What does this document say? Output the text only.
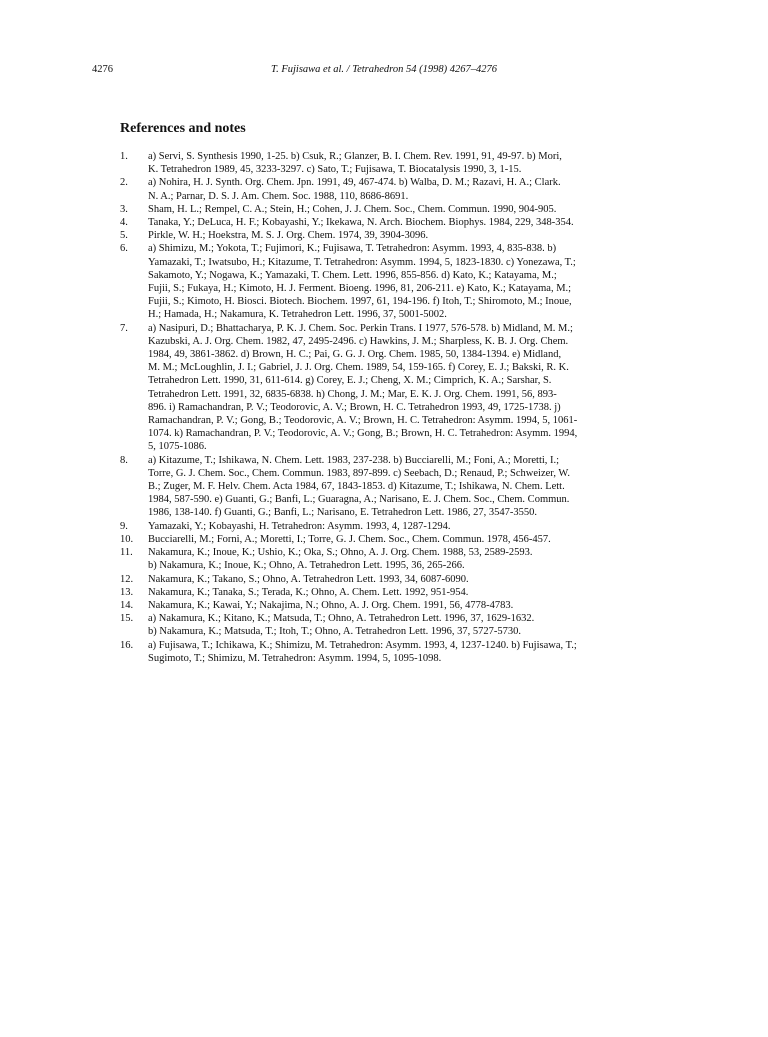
4276	T. Fujisawa et al. / Tetrahedron 54 (1998) 4267–4276
References and notes
1.	a) Servi, S. Synthesis 1990, 1-25. b) Csuk, R.; Glanzer, B. I. Chem. Rev. 1991, 91, 49-97. b) Mori,
K. Tetrahedron 1989, 45, 3233-3297. c) Sato, T.; Fujisawa, T. Biocatalysis 1990, 3, 1-15.
2.	a) Nohira, H. J. Synth. Org. Chem. Jpn. 1991, 49, 467-474. b) Walba, D. M.; Razavi, H. A.; Clark.
N. A.; Parnar, D. S. J. Am. Chem. Soc. 1988, 110, 8686-8691.
3.	Sham, H. L.; Rempel, C. A.; Stein, H.; Cohen, J. J. Chem. Soc., Chem. Commun. 1990, 904-905.
4.	Tanaka, Y.; DeLuca, H. F.; Kobayashi, Y.; Ikekawa, N. Arch. Biochem. Biophys. 1984, 229, 348-354.
5.	Pirkle, W. H.; Hoekstra, M. S. J. Org. Chem. 1974, 39, 3904-3096.
6.	a) Shimizu, M.; Yokota, T.; Fujimori, K.; Fujisawa, T. Tetrahedron: Asymm. 1993, 4, 835-838. b)
Yamazaki, T.; Iwatsubo, H.; Kitazume, T. Tetrahedron: Asymm. 1994, 5, 1823-1830. c) Yonezawa, T.;
Sakamoto, Y.; Nogawa, K.; Yamazaki, T. Chem. Lett. 1996, 855-856. d) Kato, K.; Katayama, M.;
Fujii, S.; Fukaya, H.; Kimoto, H. J. Ferment. Bioeng. 1996, 81, 206-211. e) Kato, K.; Katayama, M.;
Fujii, S.; Kimoto, H. Biosci. Biotech. Biochem. 1997, 61, 194-196. f) Itoh, T.; Shiromoto, M.; Inoue,
H.; Hamada, H.; Nakamura, K. Tetrahedron Lett. 1996, 37, 5001-5002.
7.	a) Nasipuri, D.; Bhattacharya, P. K. J. Chem. Soc. Perkin Trans. I 1977, 576-578. b) Midland, M. M.;
Kazubski, A. J. Org. Chem. 1982, 47, 2495-2496. c) Hawkins, J. M.; Sharpless, K. B. J. Org. Chem.
1984, 49, 3861-3862. d) Brown, H. C.; Pai, G. G. J. Org. Chem. 1985, 50, 1384-1394. e) Midland,
M. M.; McLoughlin, J. I.; Gabriel, J. J. Org. Chem. 1989, 54, 159-165. f) Corey, E. J.; Bakski, R. K.
Tetrahedron Lett. 1990, 31, 611-614. g) Corey, E. J.; Cheng, X. M.; Cimprich, K. A.; Sarshar, S.
Tetrahedron Lett. 1991, 32, 6835-6838. h) Chong, J. M.; Mar, E. K. J. Org. Chem. 1991, 56, 893-
896. i) Ramachandran, P. V.; Teodorovic, A. V.; Brown, H. C. Tetrahedron 1993, 49, 1725-1738. j)
Ramachandran, P. V.; Gong, B.; Teodorovic, A. V.; Brown, H. C. Tetrahedron: Asymm. 1994, 5, 1061-
1074. k) Ramachandran, P. V.; Teodorovic, A. V.; Gong, B.; Brown, H. C. Tetrahedron: Asymm. 1994,
5, 1075-1086.
8.	a) Kitazume, T.; Ishikawa, N. Chem. Lett. 1983, 237-238. b) Bucciarelli, M.; Foni, A.; Moretti, I.;
Torre, G. J. Chem. Soc., Chem. Commun. 1983, 897-899. c) Seebach, D.; Renaud, P.; Schweizer, W.
B.; Zuger, M. F. Helv. Chem. Acta 1984, 67, 1843-1853. d) Kitazume, T.; Ishikawa, N. Chem. Lett.
1984, 587-590. e) Guanti, G.; Banfi, L.; Guaragna, A.; Narisano, E. J. Chem. Soc., Chem. Commun.
1986, 138-140. f) Guanti, G.; Banfi, L.; Narisano, E. Tetrahedron Lett. 1986, 27, 3547-3550.
9.	Yamazaki, Y.; Kobayashi, H. Tetrahedron: Asymm. 1993, 4, 1287-1294.
10.	Bucciarelli, M.; Forni, A.; Moretti, I.; Torre, G. J. Chem. Soc., Chem. Commun. 1978, 456-457.
11.	Nakamura, K.; Inoue, K.; Ushio, K.; Oka, S.; Ohno, A. J. Org. Chem. 1988, 53, 2589-2593.
b) Nakamura, K.; Inoue, K.; Ohno, A. Tetrahedron Lett. 1995, 36, 265-266.
12.	Nakamura, K.; Takano, S.; Ohno, A. Tetrahedron Lett. 1993, 34, 6087-6090.
13.	Nakamura, K.; Tanaka, S.; Terada, K.; Ohno, A. Chem. Lett. 1992, 951-954.
14.	Nakamura, K.; Kawai, Y.; Nakajima, N.; Ohno, A. J. Org. Chem. 1991, 56, 4778-4783.
15.	a) Nakamura, K.; Kitano, K.; Matsuda, T.; Ohno, A. Tetrahedron Lett. 1996, 37, 1629-1632.
b) Nakamura, K.; Matsuda, T.; Itoh, T.; Ohno, A. Tetrahedron Lett. 1996, 37, 5727-5730.
16.	a) Fujisawa, T.; Ichikawa, K.; Shimizu, M. Tetrahedron: Asymm. 1993, 4, 1237-1240. b) Fujisawa, T.;
Sugimoto, T.; Shimizu, M. Tetrahedron: Asymm. 1994, 5, 1095-1098.
